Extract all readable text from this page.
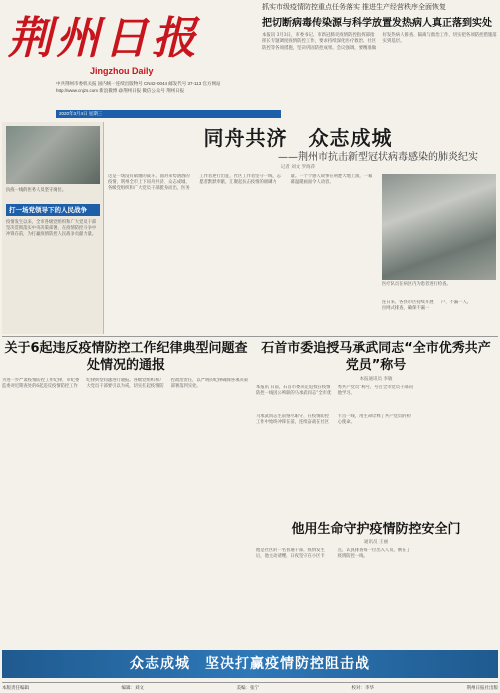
荆州日报
Jingzhou Daily
中共荆州市委机关报 国内统一连续出版物号 CN42-0044 邮发代号 37-113 官方网站 http://www.cnjzs.com 新浪微博 @荆州日报 微信公众号 荆州日报
2020年3月4日 星期三
抓实市级疫情防控重点任务落实 推进生产经营秩序全面恢复
把切断病毒传染源与科学放置发热病人真正落到实处
本报讯 3月3日，市委书记、市新冠肺炎疫情防控指挥部指挥长专题调度疫情防控工作，要求持续深化医疗救治、社区防控等各项措施，坚决巩固防控成果。会议强调，要精准做好发热病人排查、隔离与救治工作，切实把各项防控措施落实到基层。
抗疫一线的医务人员坚守岗位。
打一场党领导下的人民战争
疫情发生以来，全市各级党组织和广大党员干部坚决贯彻落实中央决策部署，在疫情防控斗争中冲锋在前，为打赢疫情防控人民战争贡献力量。
同舟共济　众志成城
——荆州市抗击新型冠状病毒感染的肺炎纪实
记者 刘文 罗海萍
这是一场没有硝烟的战斗。面对来势汹汹的疫情，荆州全市上下同舟共济、众志成城，各级党组织和广大党员干部挺身而出，医务工作者逆行出征，社区工作者坚守一线，志愿者默默奉献，汇聚起抗击疫情的磅礴力量。一个个感人故事在荆楚大地上演，一幕幕温暖画面令人动容。
医疗队员在病区内为患者进行检查。
连日来，各县市区持续开展拉网式排查，确保不漏一户、不漏一人。
关于6起违反疫情防控工作纪律典型问题查处情况的通报
为进一步严肃疫情防控工作纪律，市纪委监委对近期查处的6起违反疫情防控工作纪律典型问题进行通报。各级党组织和广大党员干部要引以为戒，切实扛起疫情防控政治责任，以严明的纪律确保各项决策部署落到实处。
石首市委追授马承武同志“全市优秀共产党员”称号
本报通讯员 李敏
本报讯 日前，石首市委决定追授在疫情防控一线因公殉职的马承武同志“全市优秀共产党员”称号，号召全市党员干部向他学习。
马承武同志生前恪尽职守，在疫情防控工作中始终冲锋在前，连续奋战在社区卡点一线，用生命诠释了共产党员的初心使命。
他用生命守护疫情防控安全门
通讯员 王丽
他是社区的一名普通干部，疫情发生后，他主动请缨，日夜坚守在小区卡点，认真排查每一位出入人员，倒在了疫情防控一线。
众志成城　坚决打赢疫情防控阻击战
本版责任编辑	编辑：刘文	美编：张宁	校对：李华	荆州日报社出版
